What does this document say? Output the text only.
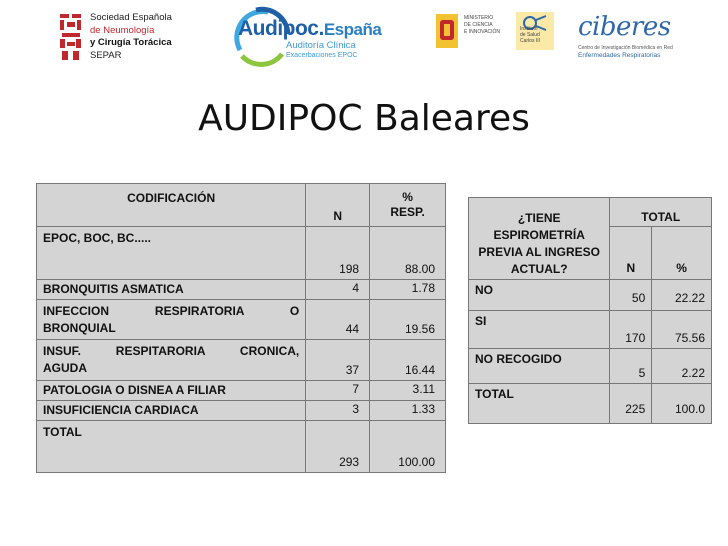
Sociedad Española
de Neumología
y Cirugía Torácica
SEPAR
Audipoc.España
Auditoría Clínica
Exacerbaciones EPOC
MINISTERIO
DE CIENCIA
E INNOVACIÓN	Instituto
de Salud
Carlos III ciberes
Centro de Investigación Biomédica en Red
Enfermedades Respiratorias
AUDIPOC Baleares
CODIFICACIÓN	N	%
RESP.

EPOC, BOC, BC.....	198	88.00
BRONQUITIS ASMATICA	4	1.78

INFECCION RESPIRATORIA O
BRONQUIAL	44	19.56

INSUF. RESPITARORIA CRONICA,
AGUDA	37	16.44
PATOLOGIA O DISNEA A FILIAR	7	3.11
INSUFICIENCIA CARDIACA	3	1.33
TOTAL	293	100.00
¿TIENE
ESPIROMETRÍA
PREVIA AL INGRESO
ACTUAL?	TOTAL	
	N	%
NO	50	22.22
SI	170	75.56
NO RECOGIDO	5	2.22
TOTAL	225	100.0
